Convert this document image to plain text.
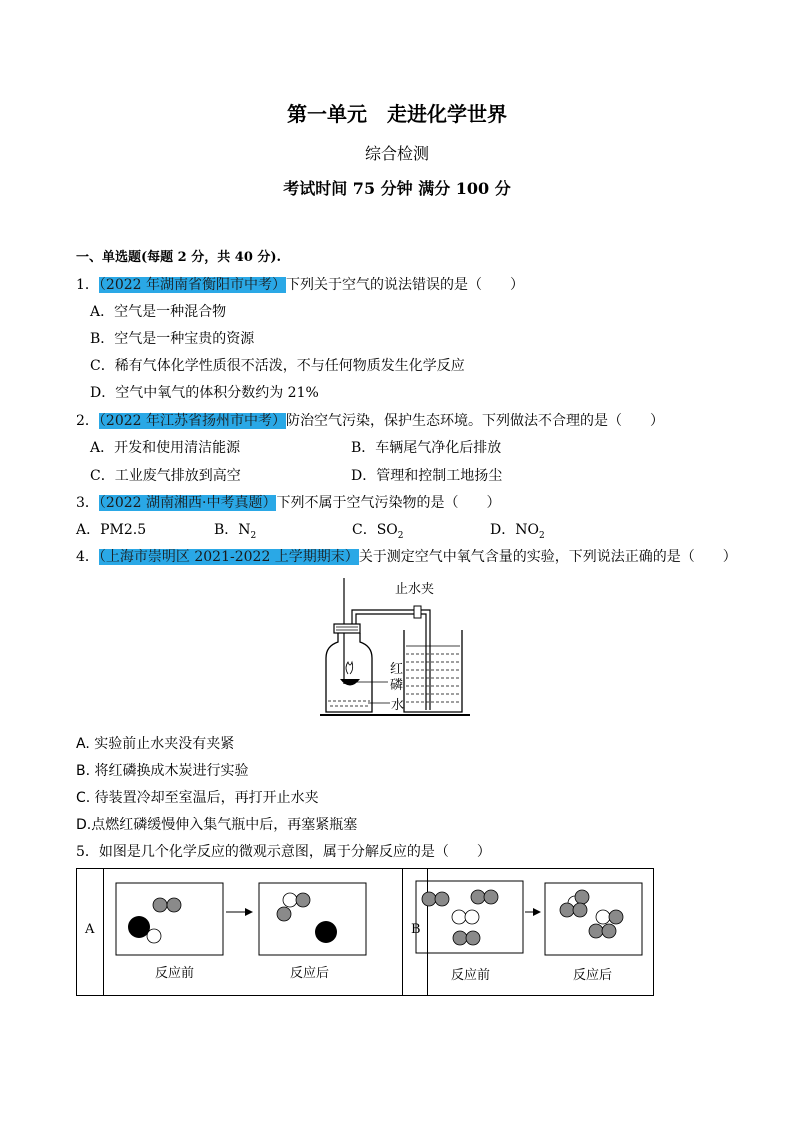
第一单元　走进化学世界
综合检测
考试时间 75 分钟 满分 100 分
一、单选题(每题 2 分，共 40 分).
1．（2022 年湖南省衡阳市中考）下列关于空气的说法错误的是（　　）
A．空气是一种混合物
B．空气是一种宝贵的资源
C．稀有气体化学性质很不活泼，不与任何物质发生化学反应
D．空气中氧气的体积分数约为 21%
2．（2022 年江苏省扬州市中考）防治空气污染，保护生态环境。下列做法不合理的是（　　）
A．开发和使用清洁能源	B．车辆尾气净化后排放
C．工业废气排放到高空	D．管理和控制工地扬尘
3．（2022 湖南湘西·中考真题）下列不属于空气污染物的是（　　）
A．PM2.5	B．$N_2$	C．$SO_2$	D．$NO_2$
4．（上海市崇明区 2021-2022 上学期期末）关于测定空气中氧气含量的实验，下列说法正确的是（　　）
止水夹
红
磷
水
A. 实验前止水夹没有夹紧
B. 将红磷换成木炭进行实验
C. 待装置冷却至室温后，再打开止水夹
D.点燃红磷缓慢伸入集气瓶中后，再塞紧瓶塞
5．如图是几个化学反应的微观示意图，属于分解反应的是（　　）
A	B
反应前	反应后	反应前	反应后
